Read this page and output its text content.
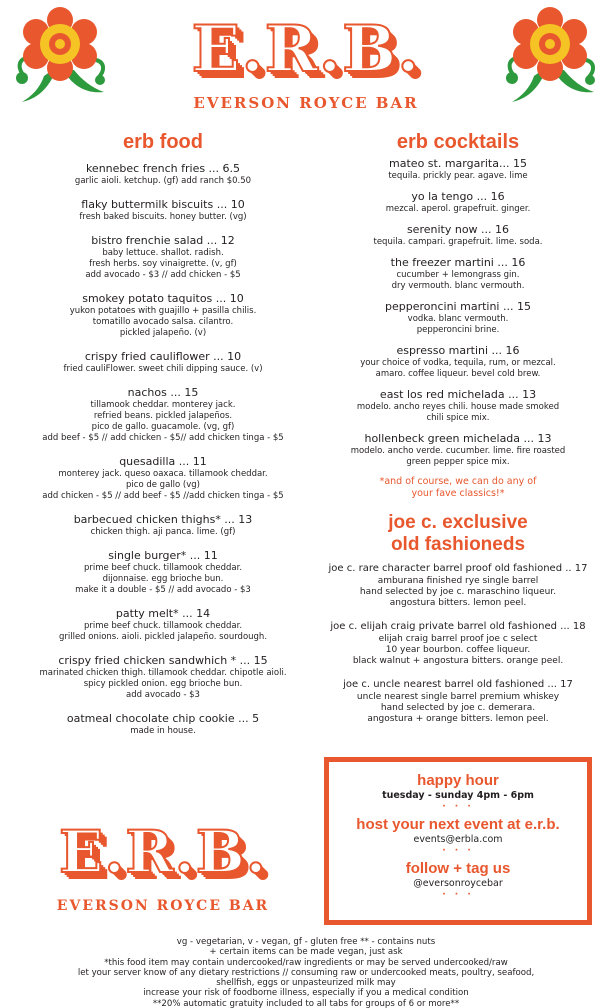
E.R.B.
EVERSON ROYCE BAR
erb food
kennebec french fries ... 6.5
garlic aioli. ketchup. (gf) add ranch $0.50
flaky buttermilk biscuits ... 10
fresh baked biscuits. honey butter. (vg)
bistro frenchie salad ... 12
baby lettuce. shallot. radish.
fresh herbs. soy vinaigrette. (v, gf)
add avocado - $3 // add chicken - $5
smokey potato taquitos ... 10
yukon potatoes with guajillo + pasilla chilis.
tomatillo avocado salsa. cilantro.
pickled jalapeño. (v)
crispy fried cauliflower ... 10
fried cauliFlower. sweet chili dipping sauce. (v)
nachos ... 15
tillamook cheddar. monterey jack.
refried beans. pickled jalapeños.
pico de gallo. guacamole. (vg, gf)
add beef - $5 // add chicken - $5// add chicken tinga - $5
quesadilla ... 11
monterey jack. queso oaxaca. tillamook cheddar.
pico de gallo (vg)
add chicken - $5 // add beef - $5 //add chicken tinga - $5
barbecued chicken thighs* ... 13
chicken thigh. aji panca. lime. (gf)
single burger* ... 11
prime beef chuck. tillamook cheddar.
dijonnaise. egg brioche bun.
make it a double - $5 // add avocado - $3
patty melt* ... 14
prime beef chuck. tillamook cheddar.
grilled onions. aioli. pickled jalapeño. sourdough.
crispy fried chicken sandwhich * ... 15
marinated chicken thigh. tillamook cheddar. chipotle aioli.
spicy pickled onion. egg brioche bun.
add avocado - $3
oatmeal chocolate chip cookie ... 5
made in house.
erb cocktails
mateo st. margarita... 15
tequila. prickly pear. agave. lime
yo la tengo ... 16
mezcal. aperol. grapefruit. ginger.
serenity now ... 16
tequila. campari. grapefruit. lime. soda.
the freezer martini ... 16
cucumber + lemongrass gin.
dry vermouth. blanc vermouth.
pepperoncini martini ... 15
vodka. blanc vermouth.
pepperoncini brine.
espresso martini ... 16
your choice of vodka, tequila, rum, or mezcal.
amaro. coffee liqueur. bevel cold brew.
east los red michelada ... 13
modelo. ancho reyes chili. house made smoked
chili spice mix.
hollenbeck green michelada ... 13
modelo. ancho verde. cucumber. lime. fire roasted
green pepper spice mix.
*and of course, we can do any of
your fave classics!*
joe c. exclusive
old fashioneds
joe c. rare character barrel proof old fashioned .. 17
amburana finished rye single barrel
hand selected by joe c. maraschino liqueur.
angostura bitters. lemon peel.
joe c. elijah craig private barrel old fashioned ... 18
elijah craig barrel proof joe c select
10 year bourbon. coffee liqueur.
black walnut + angostura bitters. orange peel.
joe c. uncle nearest barrel old fashioned ... 17
uncle nearest single barrel premium whiskey
hand selected by joe c. demerara.
angostura + orange bitters. lemon peel.
happy hour
tuesday - sunday 4pm - 6pm
· · ·
host your next event at e.r.b.
events@erbla.com
· · ·
follow + tag us
@eversonroycebar
· · ·
E.R.B.
EVERSON ROYCE BAR
vg - vegetarian, v - vegan, gf - gluten free ** - contains nuts
+ certain items can be made vegan, just ask
*this food item may contain undercooked/raw ingredients or may be served undercooked/raw
let your server know of any dietary restrictions // consuming raw or undercooked meats, poultry, seafood,
shellfish, eggs or unpasteurized milk may
increase your risk of foodborne illness, especially if you a medical condition
**20% automatic gratuity included to all tabs for groups of 6 or more**
